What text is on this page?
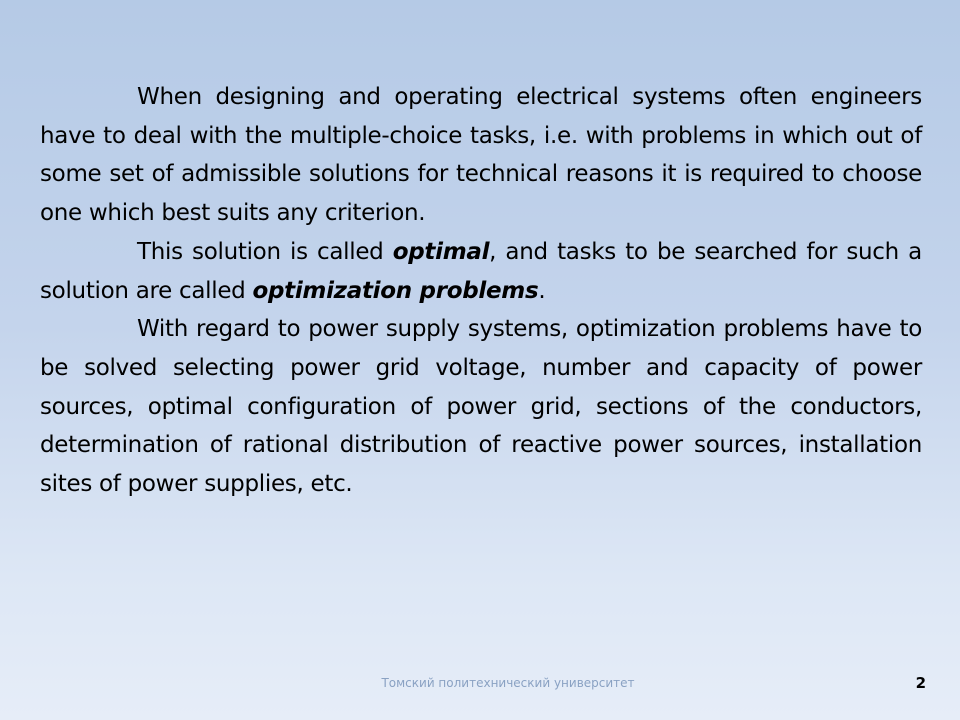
When designing and operating electrical systems often engineers have to deal with the multiple-choice tasks, i.e. with problems in which out of some set of admissible solutions for technical reasons it is required to choose one which best suits any criterion.

This solution is called optimal, and tasks to be searched for such a solution are called optimization problems.

With regard to power supply systems, optimization problems have to be solved selecting power grid voltage, number and capacity of power sources, optimal configuration of power grid, sections of the conductors, determination of rational distribution of reactive power sources, installation sites of power supplies, etc.

Томский политехнический университет	2
